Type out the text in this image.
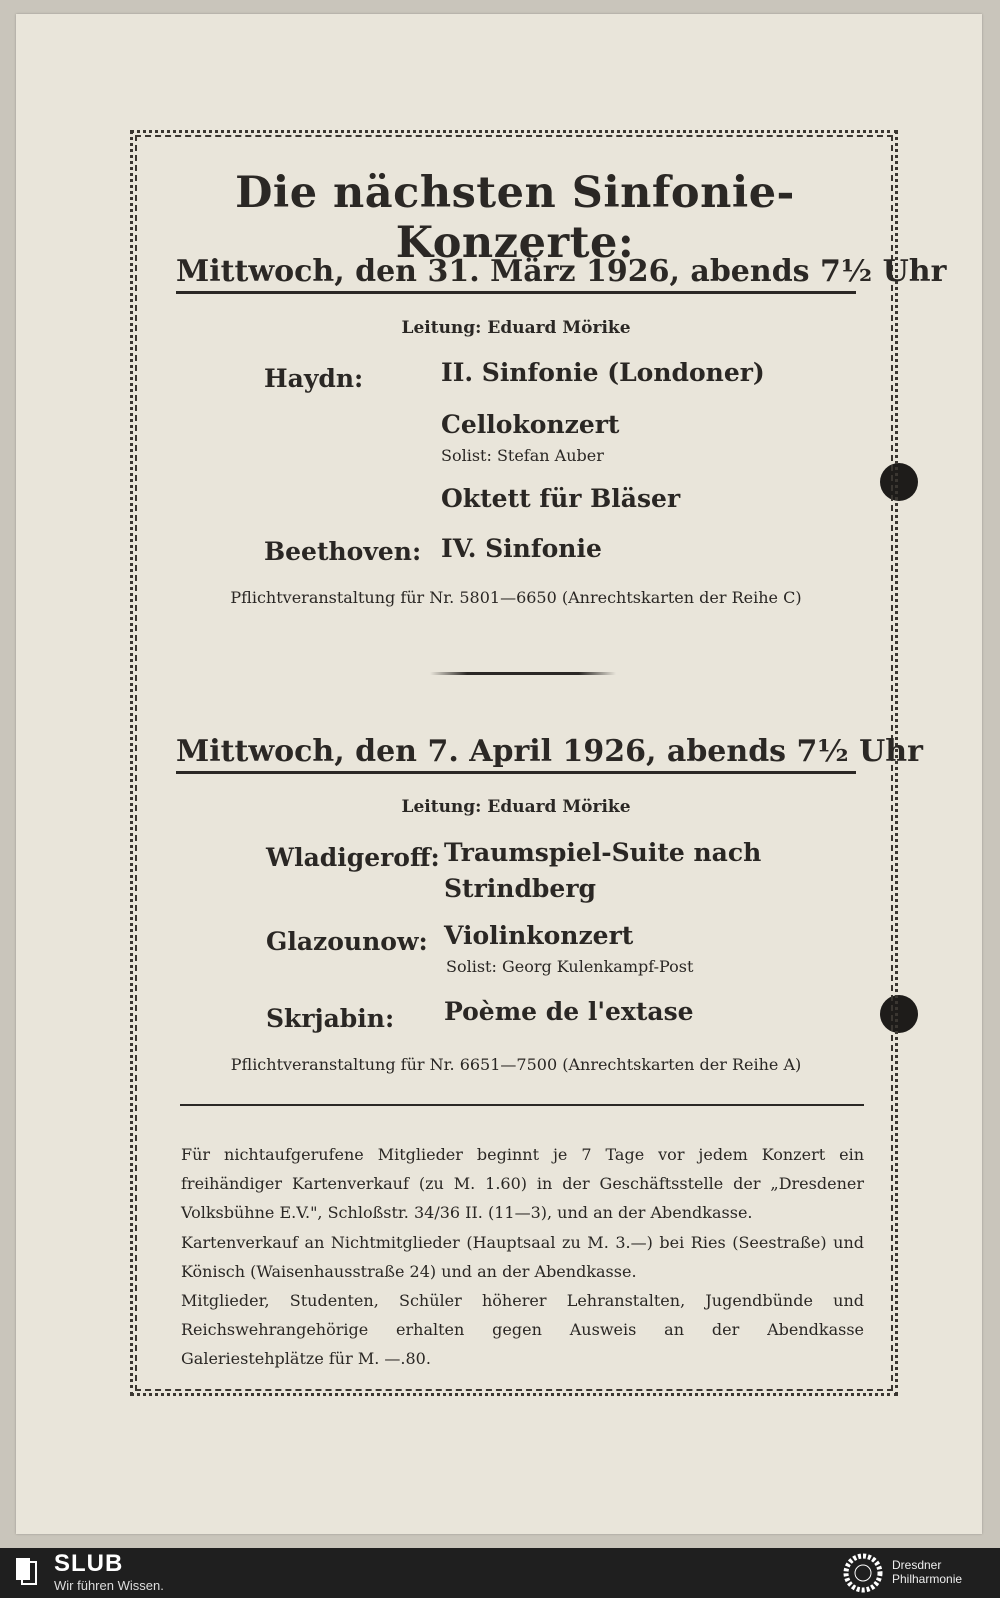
Die nächsten Sinfonie-Konzerte:
Mittwoch, den 31. März 1926, abends 7½ Uhr
Leitung: Eduard Mörike
Haydn:	II. Sinfonie (Londoner)
Cellokonzert
Solist: Stefan Auber
Oktett für Bläser
Beethoven: IV. Sinfonie
Pflichtveranstaltung für Nr. 5801—6650 (Anrechtskarten der Reihe C)
Mittwoch, den 7. April 1926, abends 7½ Uhr
Leitung: Eduard Mörike
Wladigeroff: Traumspiel-Suite nach
Strindberg
Glazounow: Violinkonzert
Solist: Georg Kulenkampf-Post
Skrjabin: Poème de l'extase
Pflichtveranstaltung für Nr. 6651—7500 (Anrechtskarten der Reihe A)
Für nichtaufgerufene Mitglieder beginnt je 7 Tage vor jedem Konzert ein freihändiger Kartenverkauf (zu M. 1.60) in der Geschäftsstelle der „Dresdener Volksbühne E.V.", Schloßstr. 34/36 II. (11—3), und an der Abendkasse.
Kartenverkauf an Nichtmitglieder (Hauptsaal zu M. 3.—) bei Ries (Seestraße) und Könisch (Waisenhausstraße 24) und an der Abendkasse.
Mitglieder, Studenten, Schüler höherer Lehranstalten, Jugendbünde und Reichswehrangehörige erhalten gegen Ausweis an der Abendkasse Galeriestehplätze für M. —.80.
SLUB
Wir führen Wissen.
Dresdner
Philharmonie
